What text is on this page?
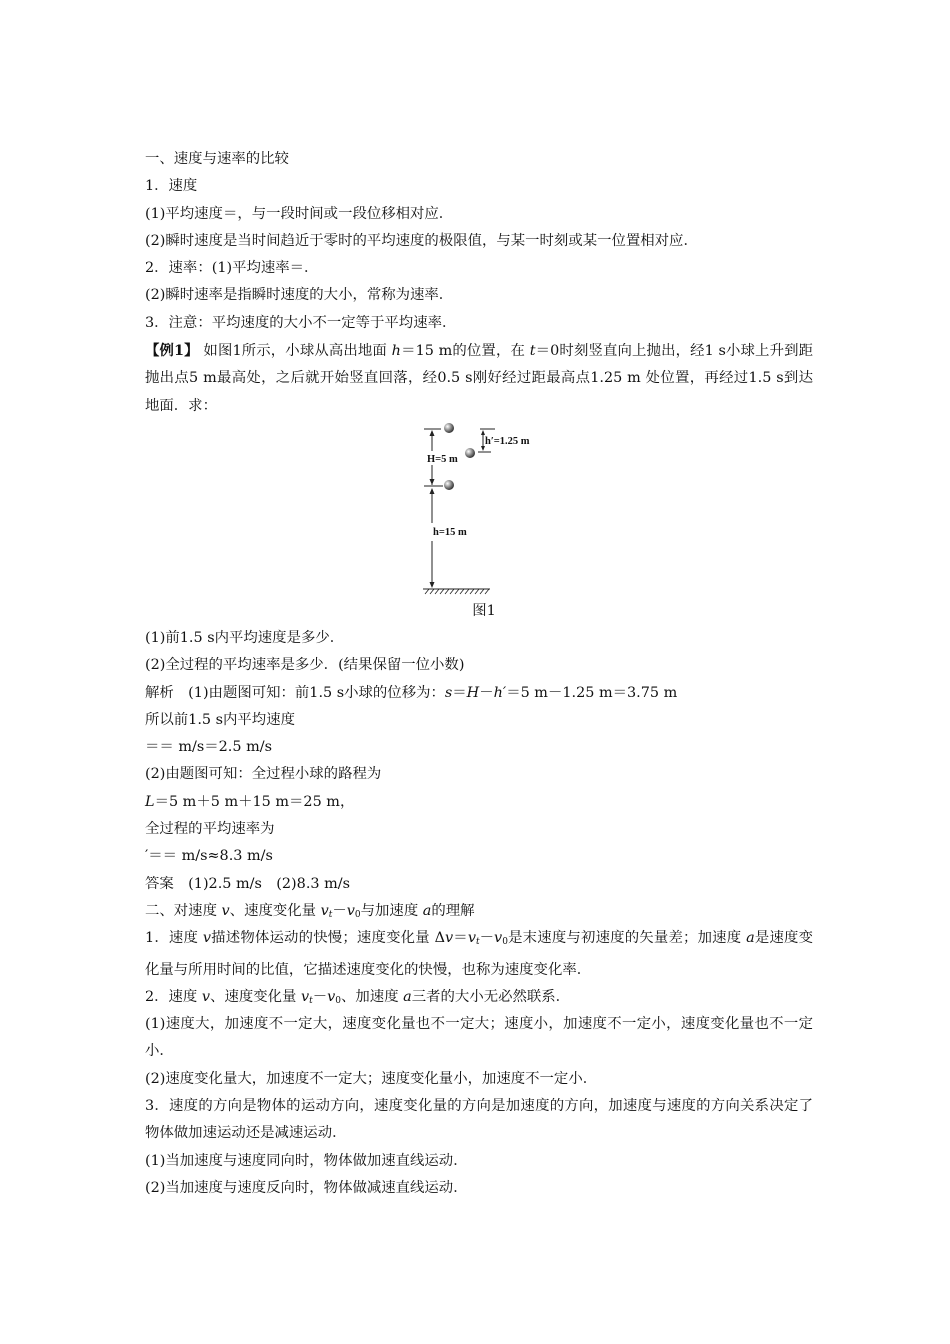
一、速度与速率的比较
1．速度
(1)平均速度＝，与一段时间或一段位移相对应．
(2)瞬时速度是当时间趋近于零时的平均速度的极限值，与某一时刻或某一位置相对应．
2．速率：(1)平均速率＝．
(2)瞬时速率是指瞬时速度的大小，常称为速率．
3．注意：平均速度的大小不一定等于平均速率．
【例1】 如图1所示，小球从高出地面 h＝15 m的位置，在 t＝0时刻竖直向上抛出，经1 s小球上升到距抛出点5 m最高处，之后就开始竖直回落，经0.5 s刚好经过距最高点1.25 m 处位置，再经过1.5 s到达地面．求：
h′=1.25 m
H=5 m
h=15 m
图1
(1)前1.5 s内平均速度是多少．
(2)全过程的平均速率是多少．(结果保留一位小数)
解析　(1)由题图可知：前1.5 s小球的位移为：s＝H－h′＝5 m－1.25 m＝3.75 m
所以前1.5 s内平均速度
＝＝ m/s＝2.5 m/s
(2)由题图可知：全过程小球的路程为
L＝5 m＋5 m＋15 m＝25 m，
全过程的平均速率为
′＝＝ m/s≈8.3 m/s
答案　(1)2.5 m/s　(2)8.3 m/s
二、对速度 v、速度变化量 $v_t-v_0$与加速度 a的理解
1．速度 v描述物体运动的快慢；速度变化量 $\Delta v=v_t-v_0$是末速度与初速度的矢量差；加速度 a是速度变化量与所用时间的比值，它描述速度变化的快慢，也称为速度变化率．
2．速度 v、速度变化量 $v_t-v_0$、加速度 a三者的大小无必然联系．
(1)速度大，加速度不一定大，速度变化量也不一定大；速度小，加速度不一定小，速度变化量也不一定小．
(2)速度变化量大，加速度不一定大；速度变化量小，加速度不一定小．
3．速度的方向是物体的运动方向，速度变化量的方向是加速度的方向，加速度与速度的方向关系决定了物体做加速运动还是减速运动．
(1)当加速度与速度同向时，物体做加速直线运动．
(2)当加速度与速度反向时，物体做减速直线运动．
